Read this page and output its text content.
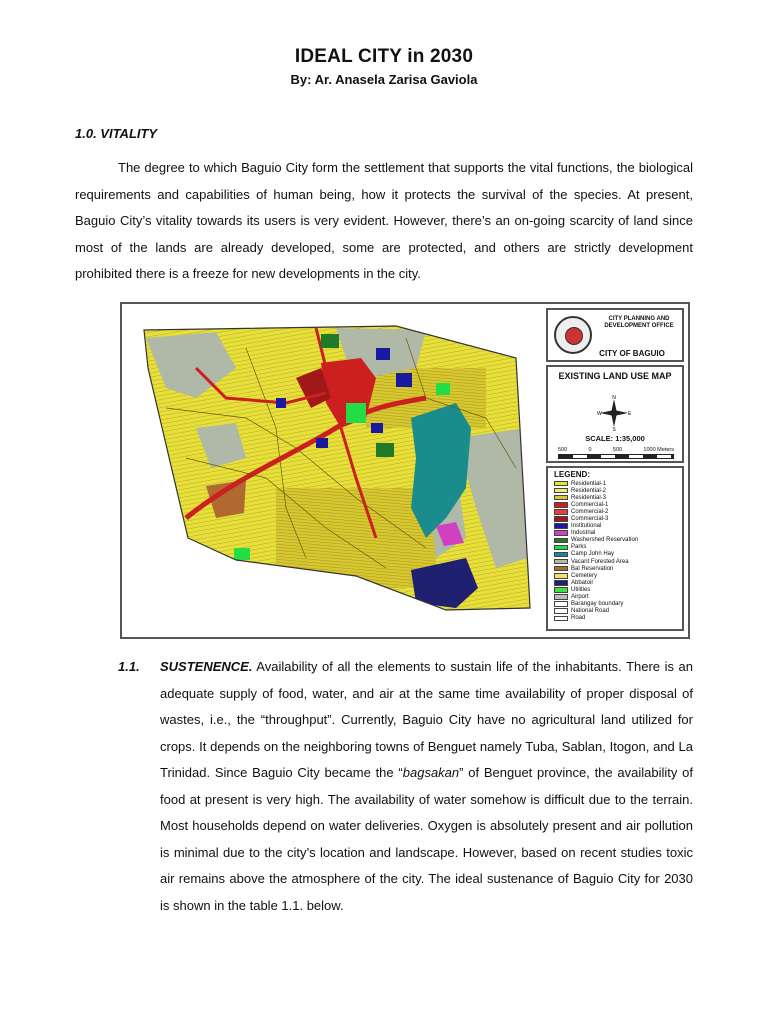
IDEAL CITY in 2030
By: Ar. Anasela Zarisa Gaviola
1.0. VITALITY

The degree to which Baguio City form the settlement that supports the vital functions, the biological requirements and capabilities of human being, how it protects the survival of the species. At present, Baguio City’s vitality towards its users is very evident. However, there’s an on-going scarcity of land since most of the lands are already developed, some are protected, and others are strictly development prohibited there is a freeze for new developments in the city.

CITY PLANNING AND DEVELOPMENT OFFICE
CITY OF BAGUIO
EXISTING LAND USE MAP
N
S
W	E
SCALE: 1:35,000
500	0	500	1000 Meters
LEGEND:
Residential-1
Residential-2
Residential-3
Commercial-1
Commercial-2
Commercial-3
Institutional
Industrial
Washershed Reservation
Parks
Camp John Hay
Vacant Forested Area
Bal Reservation
Cemetery
Abbatoir
Utilities
Airport
Barangay boundary
National Road
Road
1.1. SUSTENENCE. Availability of all the elements to sustain life of the inhabitants. There is an adequate supply of food, water, and air at the same time availability of proper disposal of wastes, i.e., the “throughput”. Currently, Baguio City have no agricultural land utilized for crops. It depends on the neighboring towns of Benguet namely Tuba, Sablan, Itogon, and La Trinidad. Since Baguio City became the “bagsakan” of Benguet province, the availability of food at present is very high. The availability of water somehow is difficult due to the terrain. Most households depend on water deliveries. Oxygen is absolutely present and air pollution is minimal due to the city’s location and landscape. However, based on recent studies toxic air remains above the atmosphere of the city. The ideal sustenance of Baguio City for 2030 is shown in the table 1.1. below.
